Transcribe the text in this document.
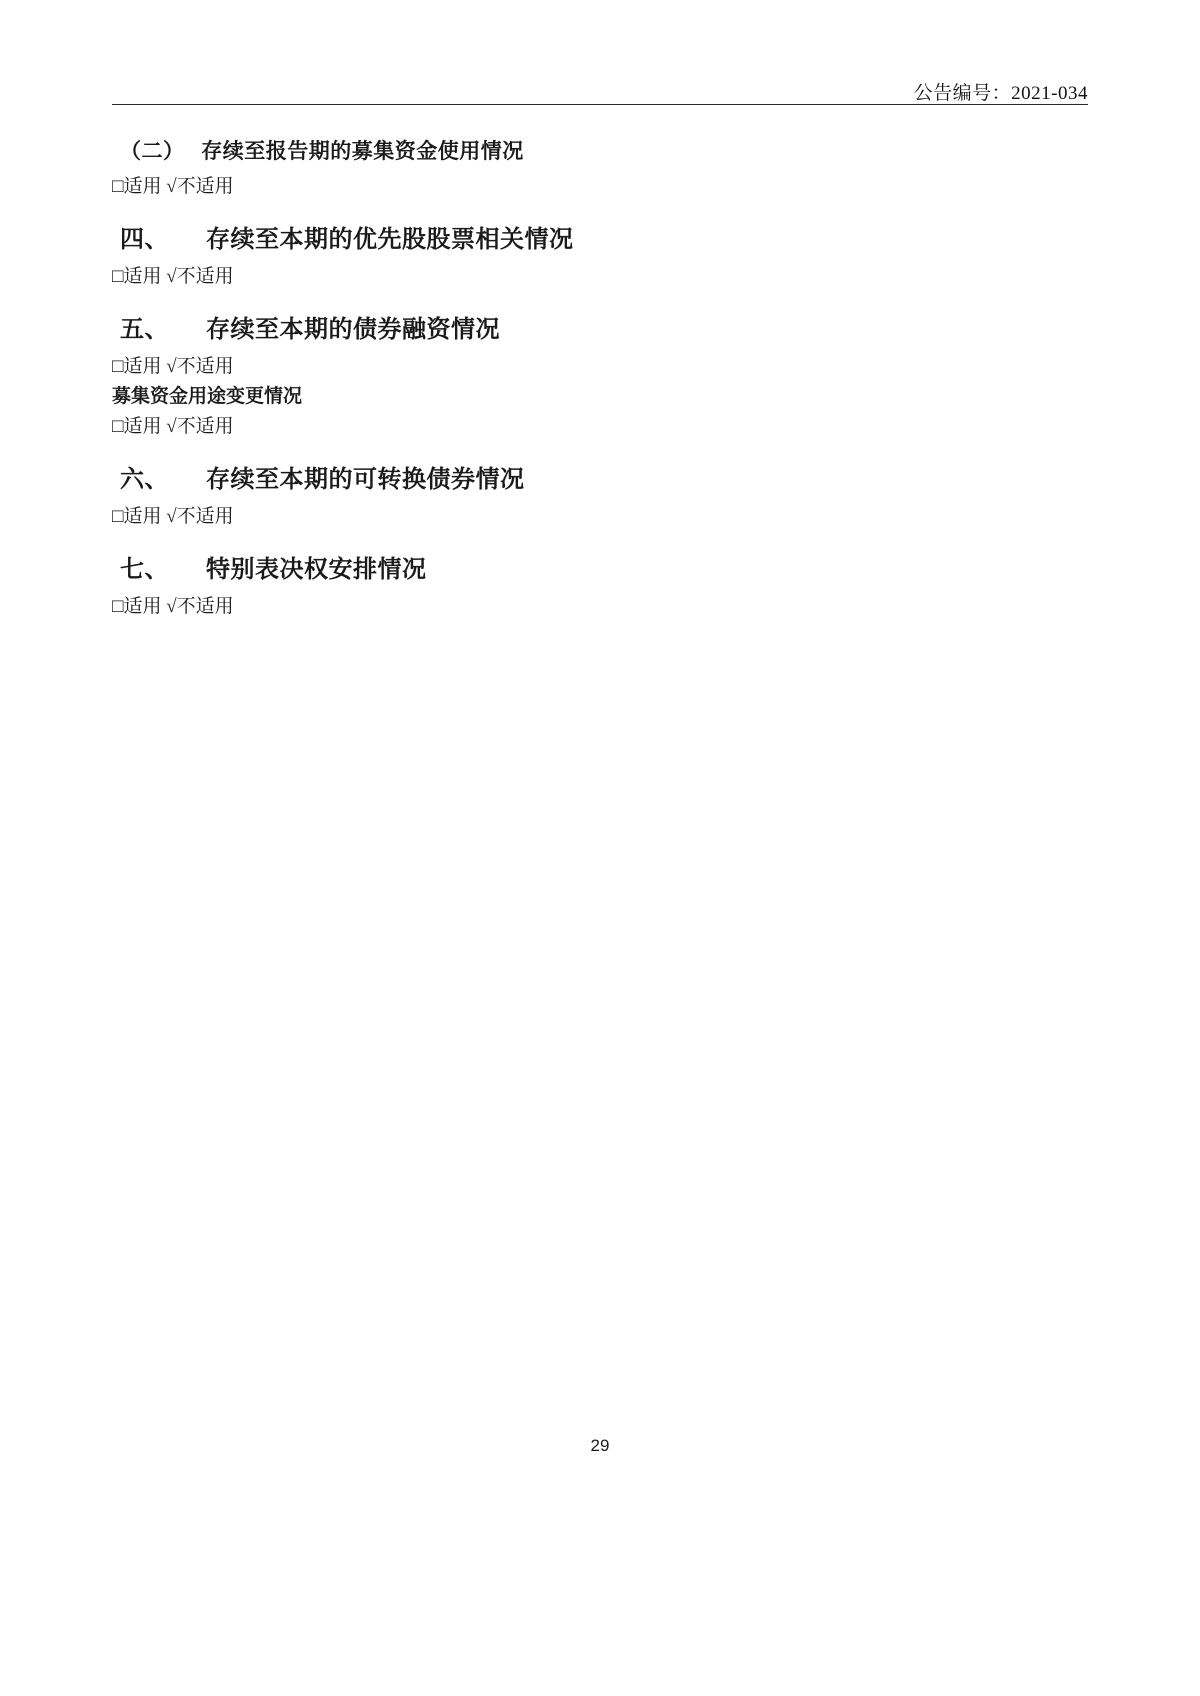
公告编号：2021-034
（二）　 存续至报告期的募集资金使用情况
□适用 √不适用
四、　　存续至本期的优先股股票相关情况
□适用 √不适用
五、　　存续至本期的债券融资情况
□适用 √不适用
募集资金用途变更情况
□适用 √不适用
六、　　存续至本期的可转换债券情况
□适用 √不适用
七、　　特别表决权安排情况
□适用 √不适用
29
